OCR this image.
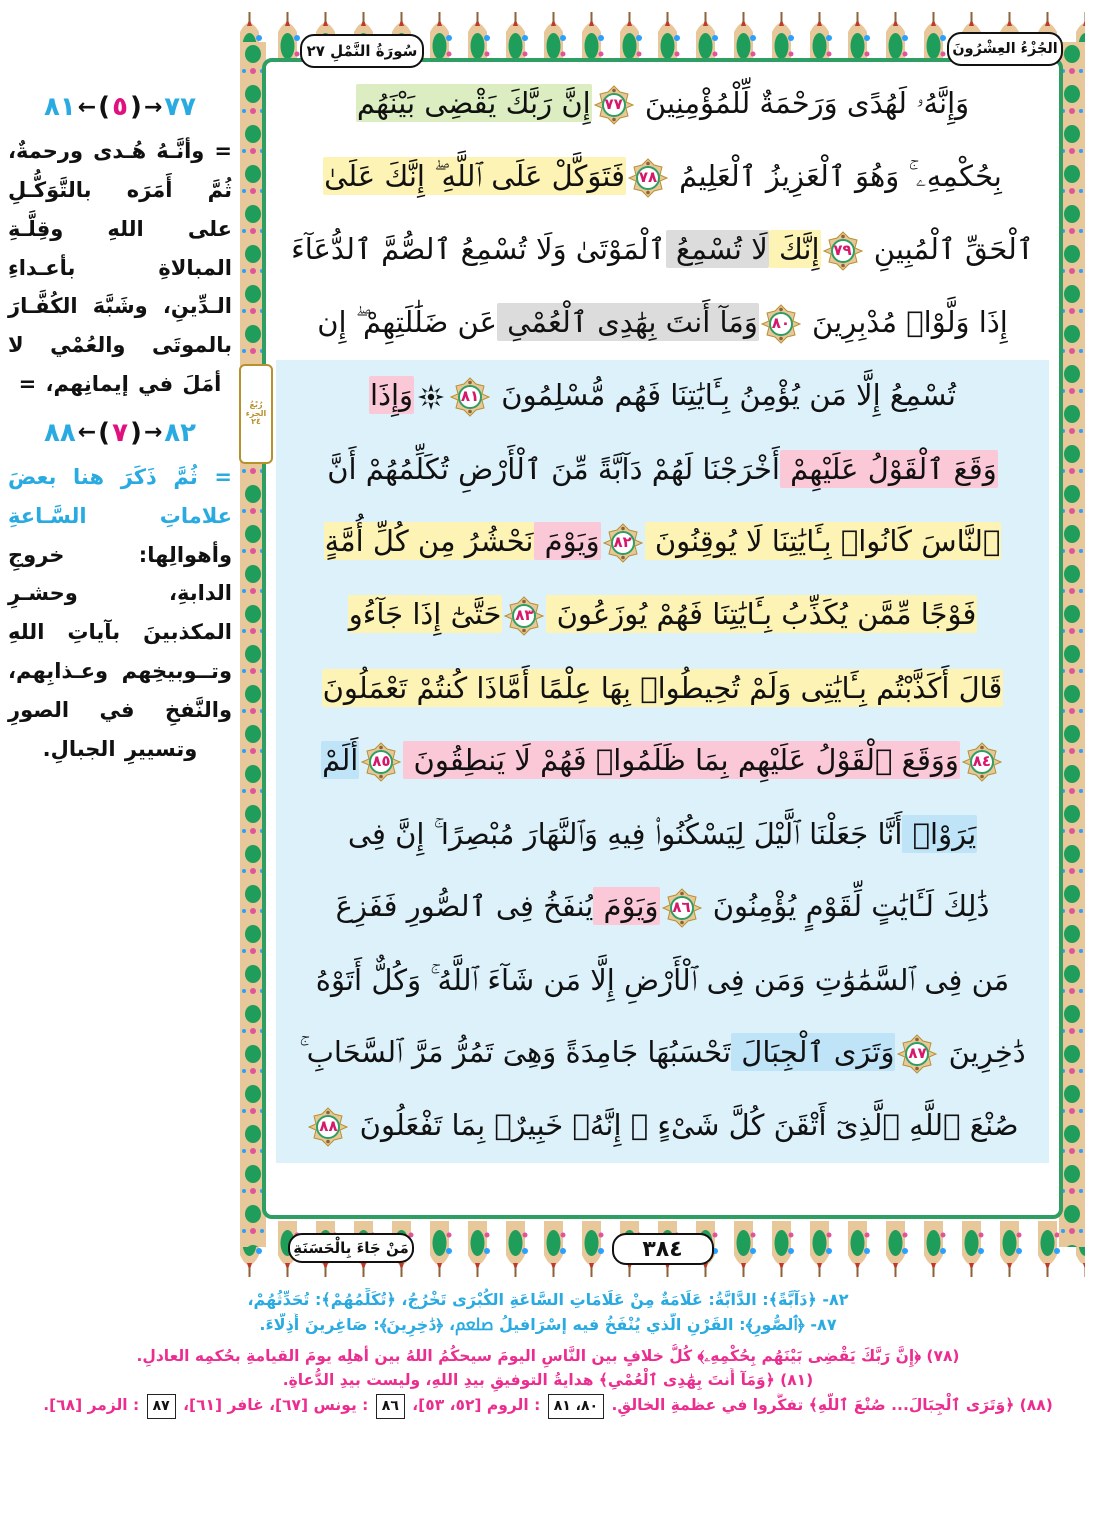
٨١ ← ( ٥ ) → ٧٧
= وأنَّـهُ هُـدى ورحمةٌ، ثُمَّ أَمَرَه بالتَّوَكُّـلِ على اللهِ وقِلَّـةِ المبالاةِ بأعـداءِ الـدِّينِ، وشَبَّهَ الكُفَّـارَ بالموتَى والعُمْي لا أمَلَ في إيمانِهم، =
٨٨ ← ( ٧ ) → ٨٢
= ثُمَّ ذَكَرَ هنا بعضَ علاماتِ السَّـاعةِ وأهوالِها: خروجِ الدابةِ، وحشـرِ المكذبينَ بآياتِ اللهِ وتــوبيخِهم وعـذابِهم، والنَّفخِ في الصورِ وتسييرِ الجبالِ.
سُورَةُ النَّمْلِ ٢٧	الجُزْءُ العِشْرُونَ
مَنْ جَاءَ بِالْحَسَنَةِ	٣٨٤
وَإِنَّهُۥ لَهُدًى وَرَحْمَةٌ لِّلْمُؤْمِنِينَ
٧٧
إِنَّ رَبَّكَ يَقْضِى بَيْنَهُم
بِحُكْمِهِۦ ۚ وَهُوَ ٱلْعَزِيزُ ٱلْعَلِيمُ
٧٨
فَتَوَكَّلْ عَلَى ٱللَّهِ ۖ إِنَّكَ عَلَىٰ
ٱلْحَقِّ ٱلْمُبِينِ
٧٩
إِنَّكَ لَا تُسْمِعُ ٱلْمَوْتَىٰ وَلَا تُسْمِعُ ٱلصُّمَّ ٱلدُّعَآءَ
إِذَا وَلَّوْا۟ مُدْبِرِينَ
٨٠
وَمَآ أَنتَ بِهَٰدِى ٱلْعُمْىِ عَن ضَلَٰلَتِهِمْ ۖ إِن
تُسْمِعُ إِلَّا مَن يُؤْمِنُ بِـَٔايَٰتِنَا فَهُم مُّسْلِمُونَ
٨١
وَإِذَا
وَقَعَ ٱلْقَوْلُ عَلَيْهِمْ أَخْرَجْنَا لَهُمْ دَآبَّةً مِّنَ ٱلْأَرْضِ تُكَلِّمُهُمْ أَنَّ
ٱلنَّاسَ كَانُوا۟ بِـَٔايَٰتِنَا لَا يُوقِنُونَ
٨٢
وَيَوْمَ نَحْشُرُ مِن كُلِّ أُمَّةٍ
فَوْجًا مِّمَّن يُكَذِّبُ بِـَٔايَٰتِنَا فَهُمْ يُوزَعُونَ
٨٣
حَتَّىٰٓ إِذَا جَآءُو
قَالَ أَكَذَّبْتُم بِـَٔايَٰتِى وَلَمْ تُحِيطُوا۟ بِهَا عِلْمًا أَمَّاذَا كُنتُمْ تَعْمَلُونَ
٨٤
وَوَقَعَ ٱلْقَوْلُ عَلَيْهِم بِمَا ظَلَمُوا۟ فَهُمْ لَا يَنطِقُونَ
٨٥
أَلَمْ
يَرَوْا۟ أَنَّا جَعَلْنَا ٱلَّيْلَ لِيَسْكُنُوا۟ فِيهِ وَٱلنَّهَارَ مُبْصِرًا ۚ إِنَّ فِى
ذَٰلِكَ لَـَٔايَٰتٍ لِّقَوْمٍ يُؤْمِنُونَ
٨٦
وَيَوْمَ يُنفَخُ فِى ٱلصُّورِ فَفَزِعَ
مَن فِى ٱلسَّمَٰوَٰتِ وَمَن فِى ٱلْأَرْضِ إِلَّا مَن شَآءَ ٱللَّهُ ۚ وَكُلٌّ أَتَوْهُ
دَٰخِرِينَ
٨٧
وَتَرَى ٱلْجِبَالَ تَحْسَبُهَا جَامِدَةً وَهِىَ تَمُرُّ مَرَّ ٱلسَّحَابِ ۚ
صُنْعَ ٱللَّهِ ٱلَّذِىٓ أَتْقَنَ كُلَّ شَىْءٍ ۚ إِنَّهُۥ خَبِيرٌۢ بِمَا تَفْعَلُونَ
٨٨
رُبْعُ
الجزء
٢٤
٨٢- ﴿دَآبَّةً﴾: الدَّابَّةُ: عَلَامَةٌ مِنْ عَلَامَاتِ السَّاعَةِ الكُبْرَى تَخْرُجُ، ﴿تُكَلِّمُهُمْ﴾: تُحَدِّثُهُمْ،
٨٧- ﴿ٱلصُّورِ﴾: القَرْنِ الَّذي يُنْفَخُ فيه إسْرَافيلُ ﷵ، ﴿دَٰخِرِينَ﴾: صَاغِرينَ أَذِلَّاءَ.
(٧٨) ﴿إِنَّ رَبَّكَ يَقْضِى بَيْنَهُم بِحُكْمِهِۦ﴾ كُلُّ خلافٍ بين النَّاسِ اليومَ سيحكُمُ اللهُ بين أهلِه يومَ القيامةِ بحُكمِه العادلِ.
(٨١) ﴿وَمَآ أَنتَ بِهَٰدِى ٱلْعُمْىِ﴾ هدايةُ التوفيقِ بيدِ اللهِ، وليست بيدِ الدُّعاةِ.
(٨٨) ﴿وَتَرَى ٱلْجِبَالَ... صُنْعَ ٱللَّهِ﴾ تفكَّروا في عظمةِ الخالقِ. ٨٠، ٨١ : الروم [٥٢، ٥٣]، ٨٦ : يونس [٦٧]، غافر [٦١]، ٨٧ : الزمر [٦٨].
